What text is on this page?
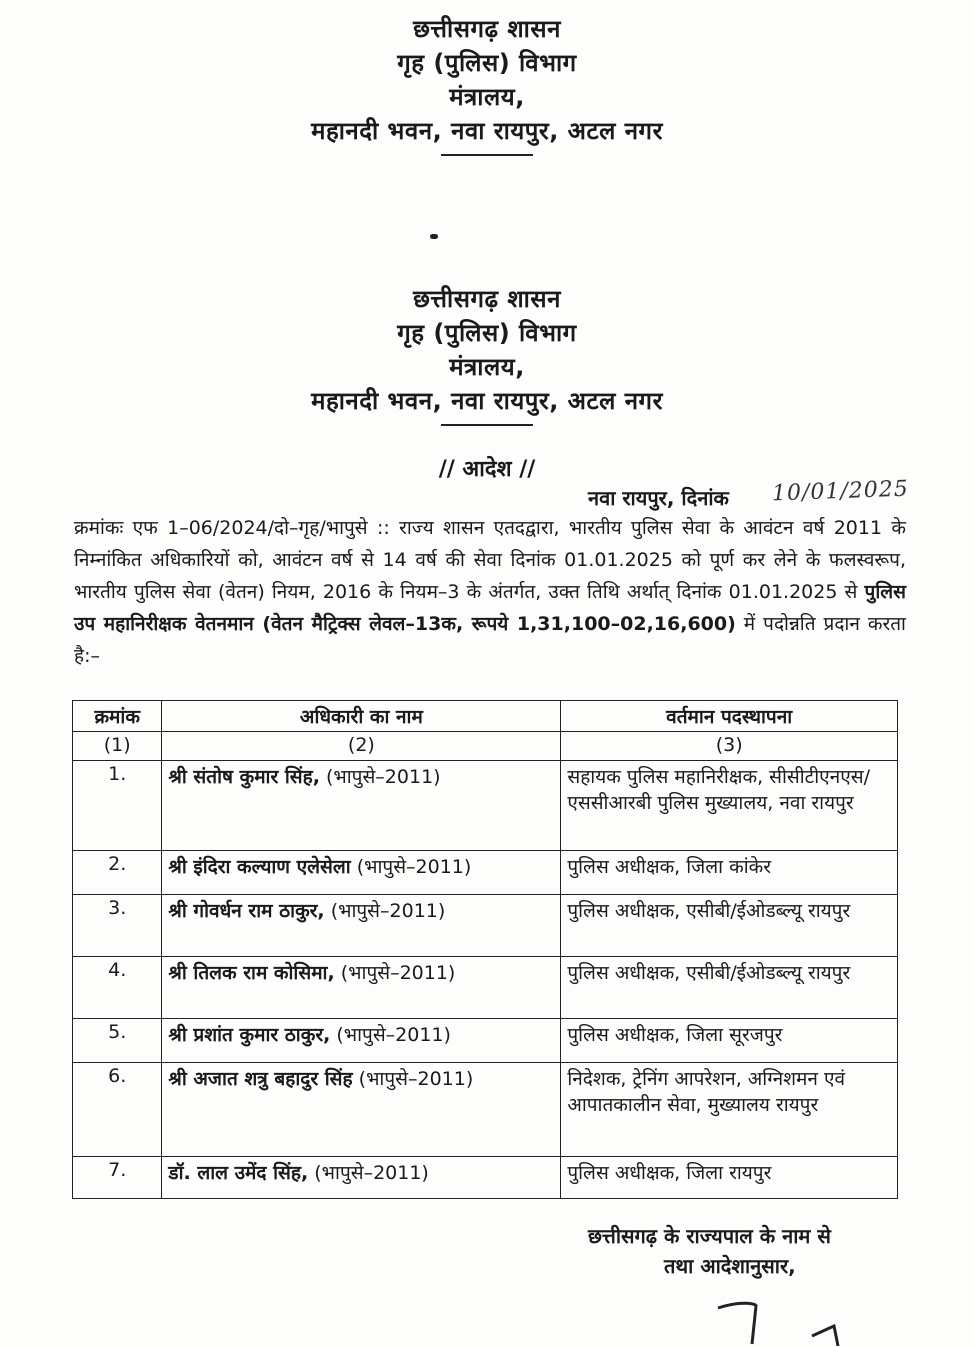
छत्तीसगढ़ शासन
गृह (पुलिस) विभाग
मंत्रालय,
महानदी भवन, नवा रायपुर, अटल नगर
छत्तीसगढ़ शासन
गृह (पुलिस) विभाग
मंत्रालय,
महानदी भवन, नवा रायपुर, अटल नगर
// आदेश //
नवा रायपुर, दिनांक 10/01/2025
क्रमांकः एफ 1–06/2024/दो–गृह/भापुसे :: राज्य शासन एतदद्वारा, भारतीय पुलिस सेवा के आवंटन वर्ष 2011 के निम्नांकित अधिकारियों को, आवंटन वर्ष से 14 वर्ष की सेवा दिनांक 01.01.2025 को पूर्ण कर लेने के फलस्वरूप, भारतीय पुलिस सेवा (वेतन) नियम, 2016 के नियम–3 के अंतर्गत, उक्त तिथि अर्थात् दिनांक 01.01.2025 से पुलिस उप महानिरीक्षक वेतनमान (वेतन मैट्रिक्स लेवल–13क, रूपये 1,31,100–02,16,600) में पदोन्नति प्रदान करता है:–
क्रमांक	अधिकारी का नाम	वर्तमान पदस्थापना
(1)	(2)	(3)
1.	श्री संतोष कुमार सिंह, (भापुसे–2011)	सहायक पुलिस महानिरीक्षक, सीसीटीएनएस/एससीआरबी पुलिस मुख्यालय, नवा रायपुर
2.	श्री इंदिरा कल्याण एलेसेला (भापुसे–2011)	पुलिस अधीक्षक, जिला कांकेर
3.	श्री गोवर्धन राम ठाकुर, (भापुसे–2011)	पुलिस अधीक्षक, एसीबी/ईओडब्ल्यू रायपुर
4.	श्री तिलक राम कोसिमा, (भापुसे–2011)	पुलिस अधीक्षक, एसीबी/ईओडब्ल्यू रायपुर
5.	श्री प्रशांत कुमार ठाकुर, (भापुसे–2011)	पुलिस अधीक्षक, जिला सूरजपुर
6.	श्री अजात शत्रु बहादुर सिंह (भापुसे–2011)	निदेशक, ट्रेनिंग आपरेशन, अग्निशमन एवं आपातकालीन सेवा, मुख्यालय रायपुर
7.	डॉ. लाल उमेंद सिंह, (भापुसे–2011)	पुलिस अधीक्षक, जिला रायपुर
छत्तीसगढ़ के राज्यपाल के नाम से
तथा आदेशानुसार,
